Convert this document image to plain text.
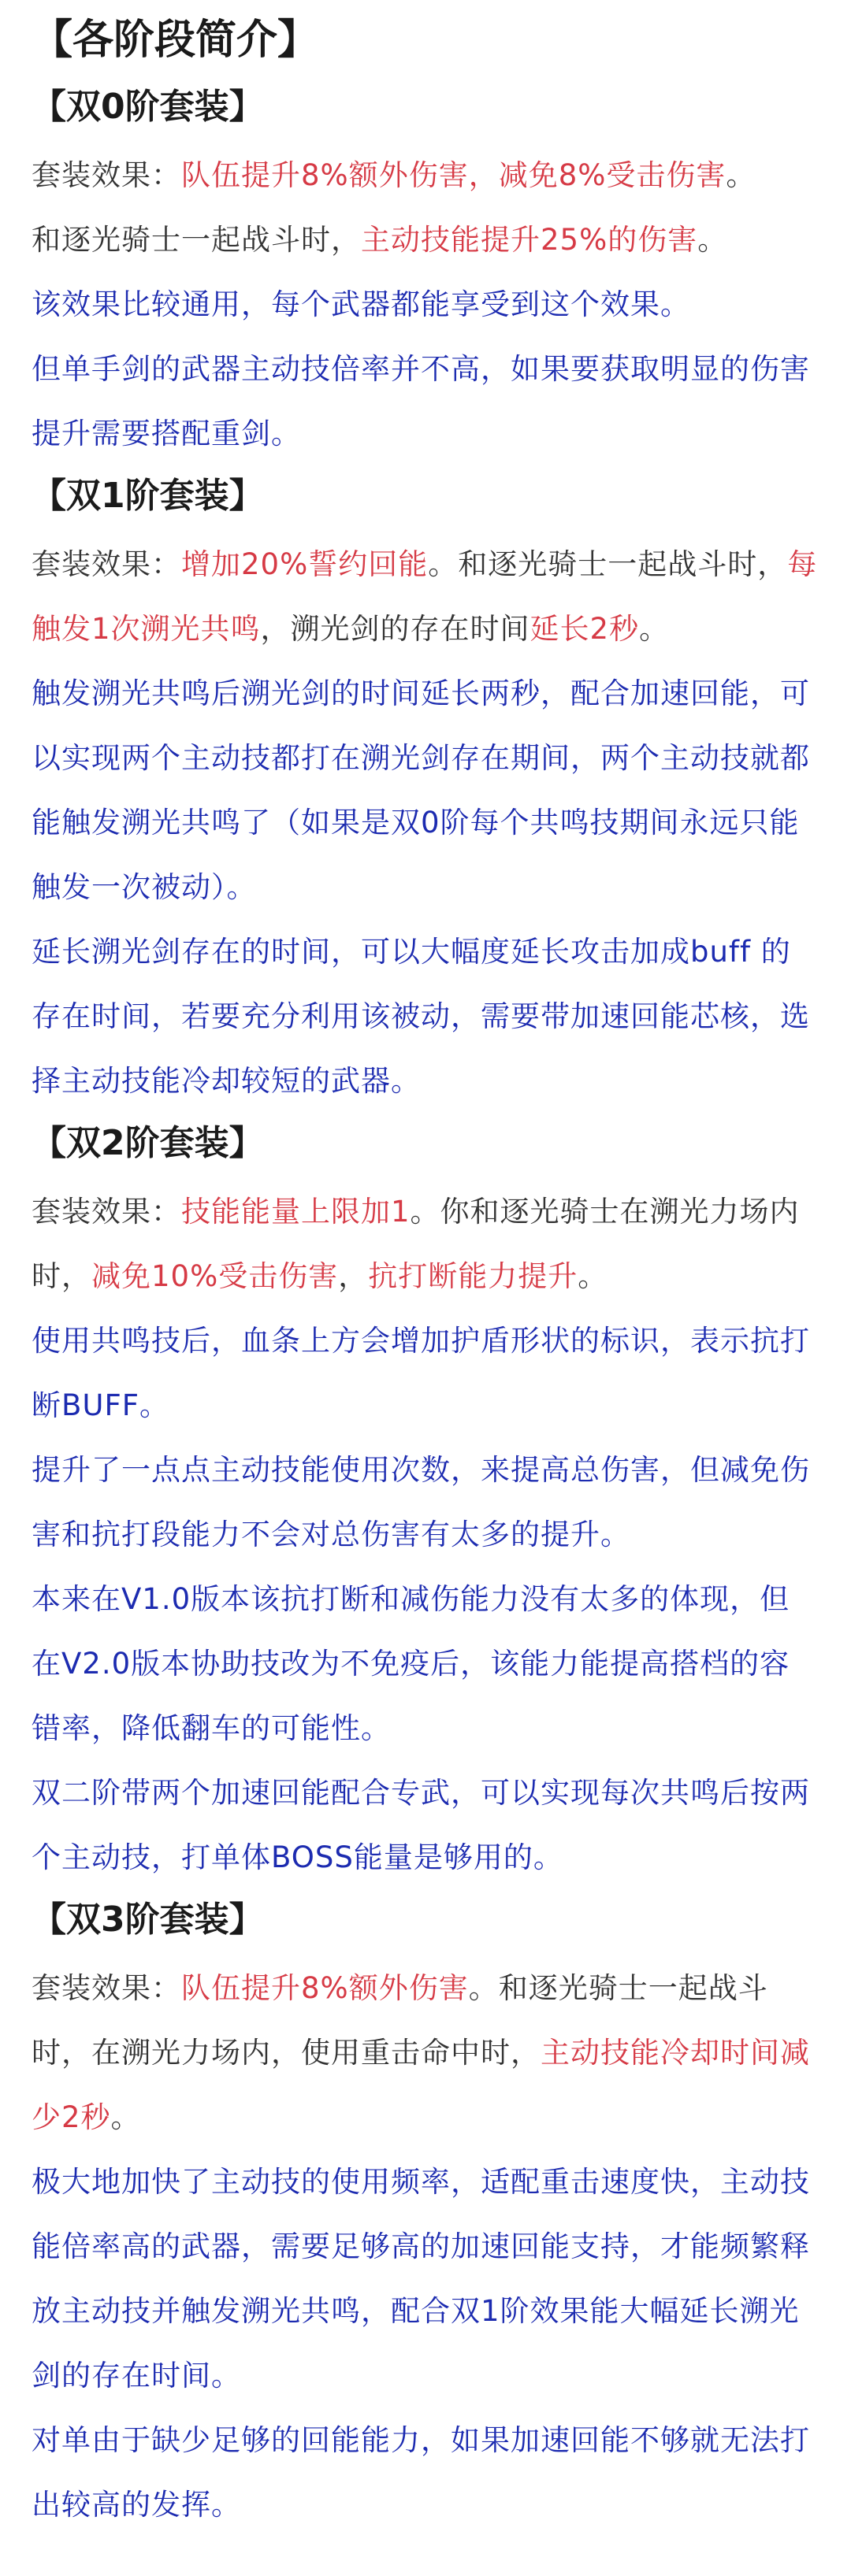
【各阶段简介】
【双0阶套装】

套装效果：队伍提升8%额外伤害，减免8%受击伤害。

和逐光骑士一起战斗时，主动技能提升25%的伤害。

该效果比较通用，每个武器都能享受到这个效果。

但单手剑的武器主动技倍率并不高，如果要获取明显的伤害提升需要搭配重剑。

【双1阶套装】

套装效果：增加20%誓约回能。和逐光骑士一起战斗时，每触发1次溯光共鸣，溯光剑的存在时间延长2秒。

触发溯光共鸣后溯光剑的时间延长两秒，配合加速回能，可以实现两个主动技都打在溯光剑存在期间，两个主动技就都能触发溯光共鸣了（如果是双0阶每个共鸣技期间永远只能触发一次被动）。

延长溯光剑存在的时间，可以大幅度延长攻击加成buff 的存在时间，若要充分利用该被动，需要带加速回能芯核，选择主动技能冷却较短的武器。

【双2阶套装】

套装效果：技能能量上限加1。你和逐光骑士在溯光力场内时，减免10%受击伤害，抗打断能力提升。

使用共鸣技后，血条上方会增加护盾形状的标识，表示抗打断BUFF。

提升了一点点主动技能使用次数，来提高总伤害，但减免伤害和抗打段能力不会对总伤害有太多的提升。

本来在V1.0版本该抗打断和减伤能力没有太多的体现，但在V2.0版本协助技改为不免疫后，该能力能提高搭档的容错率，降低翻车的可能性。

双二阶带两个加速回能配合专武，可以实现每次共鸣后按两个主动技，打单体BOSS能量是够用的。

【双3阶套装】

套装效果：队伍提升8%额外伤害。和逐光骑士一起战斗时，在溯光力场内，使用重击命中时，主动技能冷却时间减少2秒。

极大地加快了主动技的使用频率，适配重击速度快，主动技能倍率高的武器，需要足够高的加速回能支持，才能频繁释放主动技并触发溯光共鸣，配合双1阶效果能大幅延长溯光剑的存在时间。

对单由于缺少足够的回能能力，如果加速回能不够就无法打出较高的发挥。
